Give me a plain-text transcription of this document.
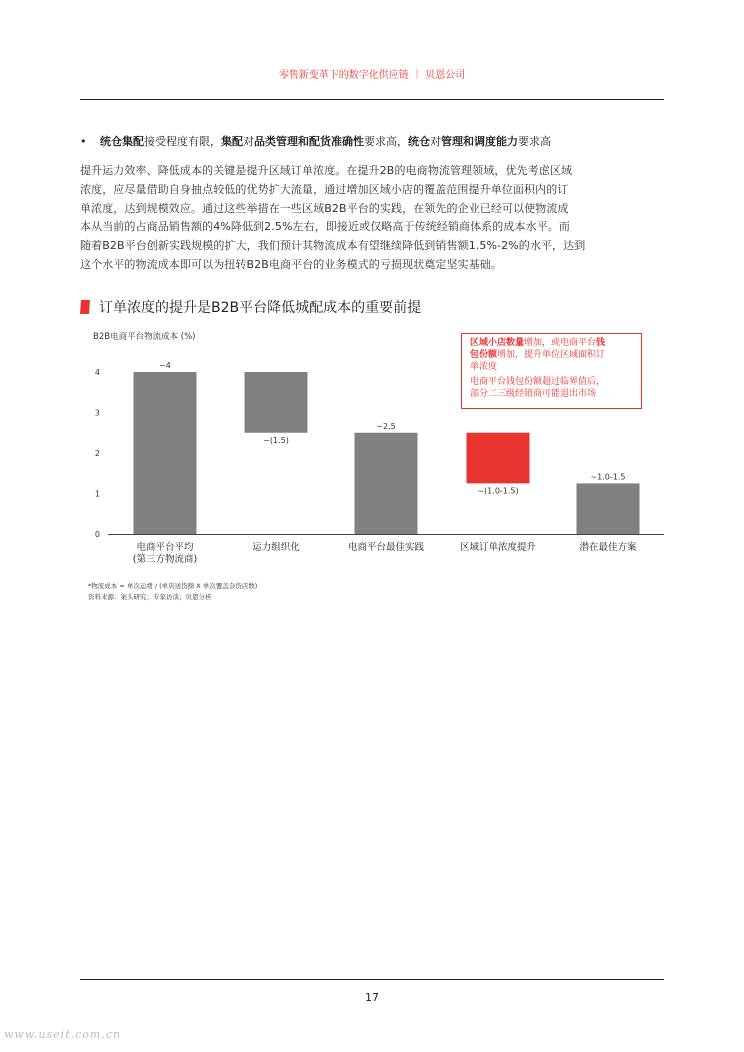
零售新变革下的数字化供应链 ｜ 贝恩公司
• 统仓集配接受程度有限，集配对品类管理和配货准确性要求高，统仓对管理和调度能力要求高
提升运力效率、降低成本的关键是提升区域订单浓度。在提升2B的电商物流管理领域，优先考虑区域
浓度，应尽量借助自身抽点较低的优势扩大流量，通过增加区域小店的覆盖范围提升单位面积内的订
单浓度，达到规模效应。通过这些举措在一些区域B2B平台的实践，在领先的企业已经可以使物流成
本从当前的占商品销售额的4%降低到2.5%左右，即接近或仅略高于传统经销商体系的成本水平。而
随着B2B平台创新实践规模的扩大，我们预计其物流成本有望继续降低到销售额1.5%-2%的水平，达到
这个水平的物流成本即可以为扭转B2B电商平台的业务模式的亏损现状奠定坚实基础。
订单浓度的提升是B2B平台降低城配成本的重要前提
B2B电商平台物流成本 (%)
0
1
2
3
4
~4
~(1.5)
~2.5
~(1.0-1.5)
~1.0-1.5
电商平台平均
(第三方物流商)
运力组织化	电商平台最佳实践	区域订单浓度提升	潜在最佳方案
区域小店数量增加，或电商平台钱
包份额增加，提升单位区域面积订
单浓度
电商平台钱包份额超过临界值后，
部分二三级经销商可能退出市场
*物流成本 = 单次运费 / (单店送货额 X 单次覆盖杂货店数)
资料来源：案头研究；专家访谈；贝恩分析
17
www.useit.com.cn
